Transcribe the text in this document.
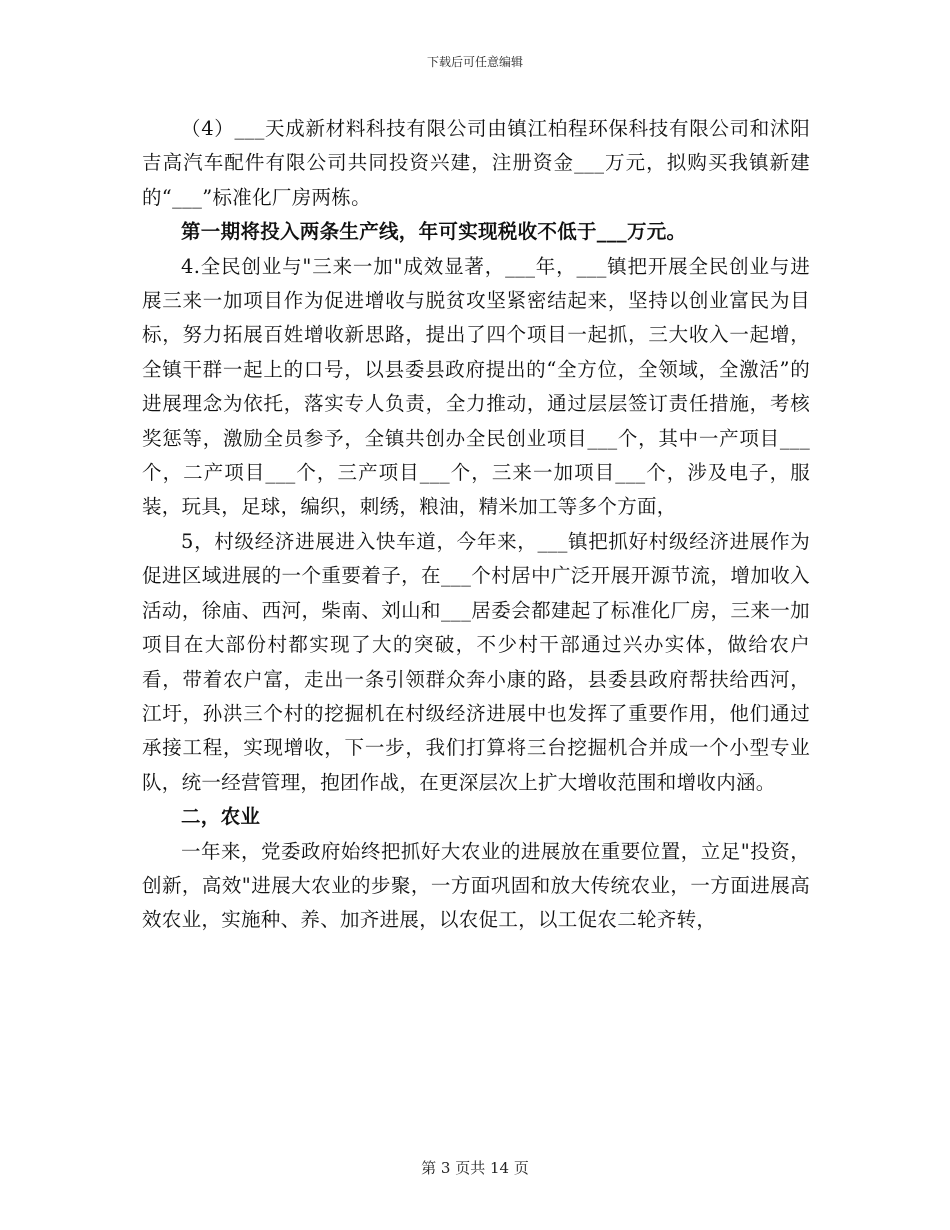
下载后可任意编辑

（4）___天成新材料科技有限公司由镇江柏程环保科技有限公司和沭阳吉高汽车配件有限公司共同投资兴建，注册资金___万元，拟购买我镇新建的“___”标准化厂房两栋。

第一期将投入两条生产线，年可实现税收不低于___万元。

4.全民创业与"三来一加"成效显著，___年，___镇把开展全民创业与进展三来一加项目作为促进增收与脱贫攻坚紧密结起来，坚持以创业富民为目标，努力拓展百姓增收新思路，提出了四个项目一起抓，三大收入一起增，全镇干群一起上的口号，以县委县政府提出的“全方位，全领域，全激活”的进展理念为依托，落实专人负责，全力推动，通过层层签订责任措施，考核奖惩等，激励全员参予，全镇共创办全民创业项目___个，其中一产项目___个，二产项目___个，三产项目___个，三来一加项目___个，涉及电子，服装，玩具，足球，编织，刺绣，粮油，精米加工等多个方面，

5，村级经济进展进入快车道，今年来，___镇把抓好村级经济进展作为促进区域进展的一个重要着子，在___个村居中广泛开展开源节流，增加收入活动，徐庙、西河，柴南、刘山和___居委会都建起了标准化厂房，三来一加项目在大部份村都实现了大的突破，不少村干部通过兴办实体，做给农户看，带着农户富，走出一条引领群众奔小康的路，县委县政府帮扶给西河，江圩，孙洪三个村的挖掘机在村级经济进展中也发挥了重要作用，他们通过承接工程，实现增收，下一步，我们打算将三台挖掘机合并成一个小型专业队，统一经营管理，抱团作战，在更深层次上扩大增收范围和增收内涵。

二，农业

一年来，党委政府始终把抓好大农业的进展放在重要位置，立足"投资，创新，高效"进展大农业的步聚，一方面巩固和放大传统农业，一方面进展高效农业，实施种、养、加齐进展，以农促工，以工促农二轮齐转，

第 3 页共 14 页
